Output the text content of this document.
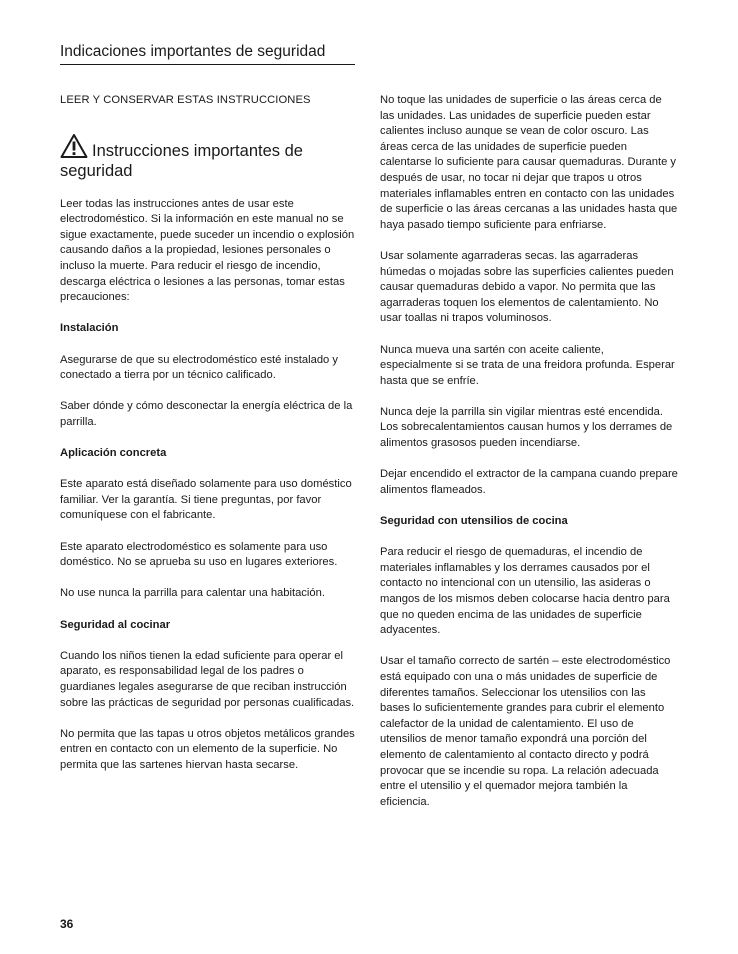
Indicaciones importantes de seguridad
LEER Y CONSERVAR ESTAS INSTRUCCIONES
Instrucciones importantes de seguridad

Leer todas las instrucciones antes de usar este electrodoméstico. Si la información en este manual no se sigue exactamente, puede suceder un incendio o explosión causando daños a la propiedad, lesiones personales o incluso la muerte. Para reducir el riesgo de incendio, descarga eléctrica o lesiones a las personas, tomar estas precauciones:

Instalación

Asegurarse de que su electrodoméstico esté instalado y conectado a tierra por un técnico calificado.

Saber dónde y cómo desconectar la energía eléctrica de la parrilla.

Aplicación concreta

Este aparato está diseñado solamente para uso doméstico familiar. Ver la garantía. Si tiene preguntas, por favor comuníquese con el fabricante.

Este aparato electrodoméstico es solamente para uso doméstico. No se aprueba su uso en lugares exteriores.

No use nunca la parrilla para calentar una habitación.

Seguridad al cocinar

Cuando los niños tienen la edad suficiente para operar el aparato, es responsabilidad legal de los padres o guardianes legales asegurarse de que reciban instrucción sobre las prácticas de seguridad por personas cualificadas.

No permita que las tapas u otros objetos metálicos grandes entren en contacto con un elemento de la superficie. No permita que las sartenes hiervan hasta secarse.

No toque las unidades de superficie o las áreas cerca de las unidades. Las unidades de superficie pueden estar calientes incluso aunque se vean de color oscuro. Las áreas cerca de las unidades de superficie pueden calentarse lo suficiente para causar quemaduras. Durante y después de usar, no tocar ni dejar que trapos u otros materiales inflamables entren en contacto con las unidades de superficie o las áreas cercanas a las unidades hasta que haya pasado tiempo suficiente para enfriarse.

Usar solamente agarraderas secas. las agarraderas húmedas o mojadas sobre las superficies calientes pueden causar quemaduras debido a vapor. No permita que las agarraderas toquen los elementos de calentamiento. No usar toallas ni trapos voluminosos.

Nunca mueva una sartén con aceite caliente, especialmente si se trata de una freidora profunda. Esperar hasta que se enfríe.

Nunca deje la parrilla sin vigilar mientras esté encendida. Los sobrecalentamientos causan humos y los derrames de alimentos grasosos pueden incendiarse.

Dejar encendido el extractor de la campana cuando prepare alimentos flameados.

Seguridad con utensilios de cocina

Para reducir el riesgo de quemaduras, el incendio de materiales inflamables y los derrames causados por el contacto no intencional con un utensilio, las asideras o mangos de los mismos deben colocarse hacia dentro para que no queden encima de las unidades de superficie adyacentes.

Usar el tamaño correcto de sartén – este electrodoméstico está equipado con una o más unidades de superficie de diferentes tamaños. Seleccionar los utensilios con las bases lo suficientemente grandes para cubrir el elemento calefactor de la unidad de calentamiento. El uso de utensilios de menor tamaño expondrá una porción del elemento de calentamiento al contacto directo y podrá provocar que se incendie su ropa. La relación adecuada entre el utensilio y el quemador mejora también la eficiencia.

36
